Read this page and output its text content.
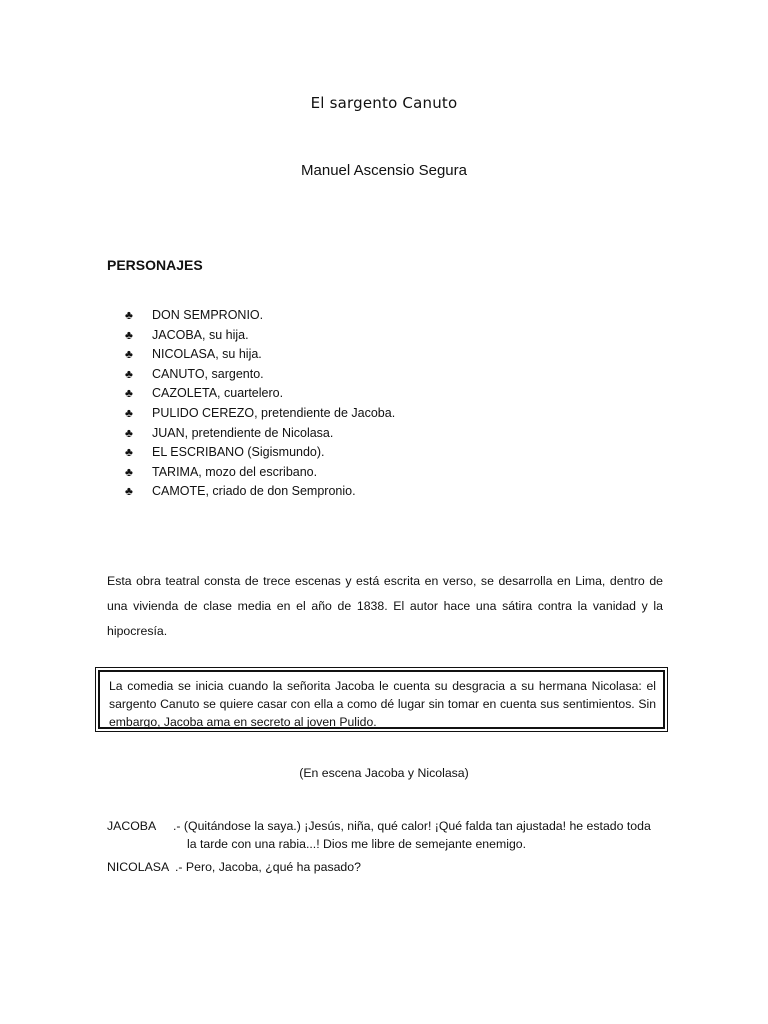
El sargento Canuto
Manuel Ascensio Segura
PERSONAJES
♣ DON SEMPRONIO.
♣ JACOBA, su hija.
♣ NICOLASA, su hija.
♣ CANUTO, sargento.
♣ CAZOLETA, cuartelero.
♣ PULIDO CEREZO, pretendiente de Jacoba.
♣ JUAN, pretendiente de Nicolasa.
♣ EL ESCRIBANO (Sigismundo).
♣ TARIMA, mozo del escribano.
♣ CAMOTE, criado de don Sempronio.

Esta obra teatral consta de trece escenas y está escrita en verso, se desarrolla en Lima, dentro de una vivienda de clase media en el año de 1838. El autor hace una sátira contra la vanidad y la hipocresía.

La comedia se inicia cuando la señorita Jacoba le cuenta su desgracia a su hermana Nicolasa: el sargento Canuto se quiere casar con ella a como dé lugar sin tomar en cuenta sus sentimientos. Sin embargo, Jacoba ama en secreto al joven Pulido.
(En escena Jacoba y Nicolasa)
JACOBA .- (Quitándose la saya.) ¡Jesús, niña, qué calor! ¡Qué falda tan ajustada! he estado toda
la tarde con una rabia...! Dios me libre de semejante enemigo.
NICOLASA .- Pero, Jacoba, ¿qué ha pasado?
